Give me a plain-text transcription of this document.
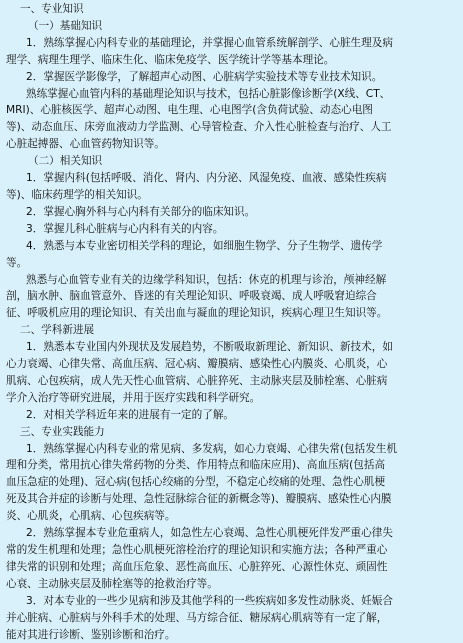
一、专业知识
（一）基础知识
1．熟练掌握心内科专业的基础理论，并掌握心血管系统解剖学、心脏生理及病
理学、病理生理学、临床生化、临床免疫学、医学统计学等基本理论。
2．掌握医学影像学，了解超声心动图、心脏病学实验技术等专业技术知识。
熟练掌握心血管内科的基础理论知识与技术，包括心脏影像诊断学(X线、CT、
MRI)、心脏核医学、超声心动图、电生理、心电图学(含负荷试验、动态心电图
等)、动态血压、床旁血液动力学监测、心导管检查、介入性心脏检查与治疗、人工
心脏起搏器、心血管药物知识等。
（二）相关知识
1．掌握内科(包括呼吸、消化、肾内、内分泌、风湿免疫、血液、感染性疾病
等)、临床药理学的相关知识。
2．掌握心胸外科与心内科有关部分的临床知识。
3．掌握儿科心脏病与心内科有关的内容。
4．熟悉与本专业密切相关学科的理论，如细胞生物学、分子生物学、遗传学
等。
熟悉与心血管专业有关的边缘学科知识，包括：休克的机理与诊治，颅神经解
剖，脑水肿、脑血管意外、昏迷的有关理论知识、呼吸衰竭、成人呼吸窘迫综合
征、呼吸机应用的理论知识、有关出血与凝血的理论知识，疾病心理卫生知识等。
二、学科新进展
1．熟悉本专业国内外现状及发展趋势，不断吸取新理论、新知识、新技术，如
心力衰竭、心律失常、高血压病、冠心病、瓣膜病、感染性心内膜炎、心肌炎，心
肌病、心包疾病，成人先天性心血管病、心脏猝死、主动脉夹层及肺栓塞、心脏病
学介入治疗等研究进展，并用于医疗实践和科学研究。
2．对相关学科近年来的进展有一定的了解。
三、专业实践能力
1．熟练掌握心内科专业的常见病、多发病，如心力衰竭、心律失常(包括发生机
理和分类，常用抗心律失常药物的分类、作用特点和临床应用)、高血压病(包括高
血压急症的处理)、冠心病(包括心绞痛的分型，不稳定心绞痛的处理、急性心肌梗
死及其合并症的诊断与处理、急性冠脉综合征的新概念等)、瓣膜病、感染性心内膜
炎、心肌炎，心肌病、心包疾病等。
2．熟练掌握本专业危重病人，如急性左心衰竭、急性心肌梗死伴发严重心律失
常的发生机理和处理；急性心肌梗死溶栓治疗的理论知识和实施方法；各种严重心
律失常的识别和处理；高血压危象、恶性高血压、心脏猝死、心源性休克、顽固性
心衰、主动脉夹层及肺栓塞等的抢救治疗等。
3．对本专业的一些少见病和涉及其他学科的一些疾病如多发性动脉炎、妊娠合
并心脏病、心脏病与外科手术的处理、马方综合征、糖尿病心肌病等有一定了解，
能对其进行诊断、鉴别诊断和治疗。
